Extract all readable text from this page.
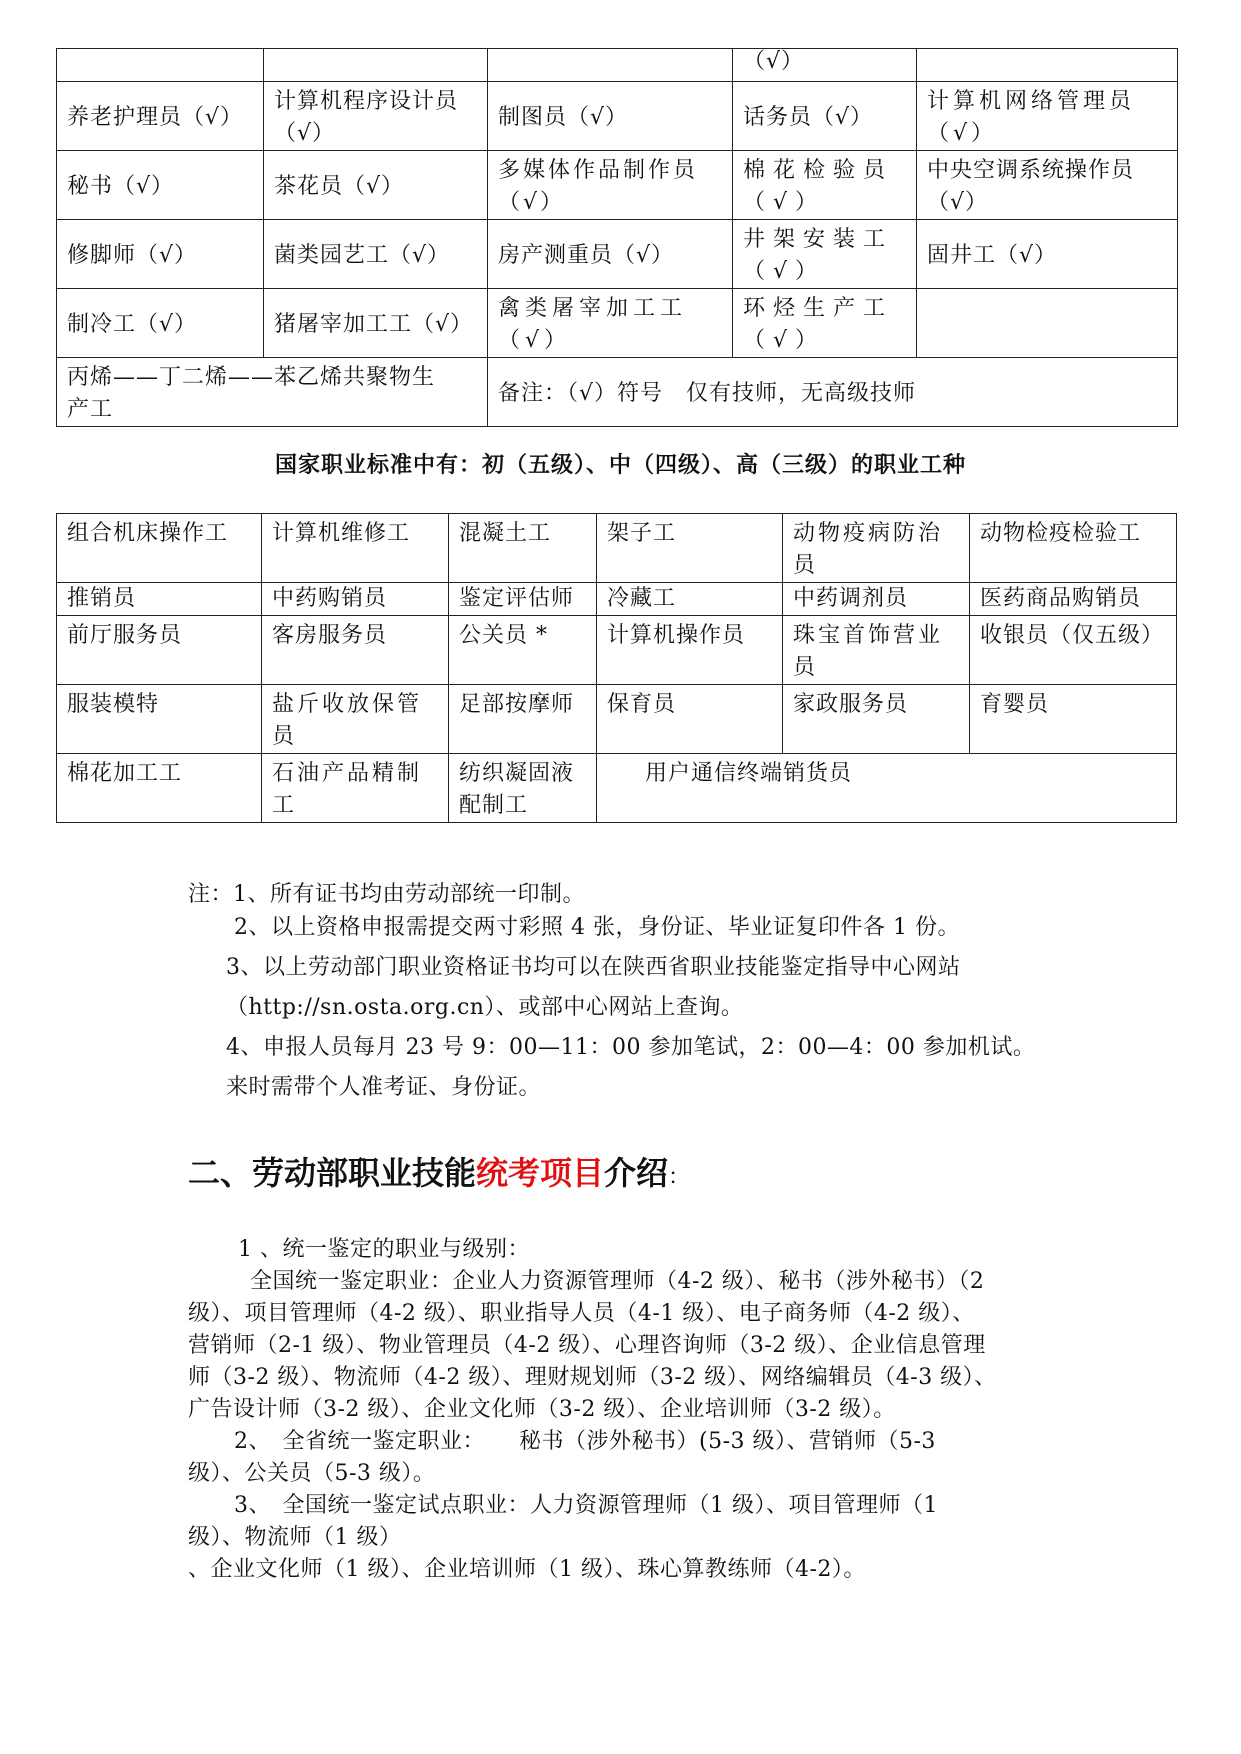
			（√）	
养老护理员（√）	计算机程序设计员（√）	制图员（√）	话务员（√）	计算机网络管理员（√）
秘书（√）	茶花员（√）	多媒体作品制作员（√）	棉花检验员（√）	中央空调系统操作员（√）
修脚师（√）	菌类园艺工（√）	房产测重员（√）	井架安装工（√）	固井工（√）
制冷工（√）	猪屠宰加工工（√）	禽类屠宰加工工（√）	环烃生产工（√）	
丙烯——丁二烯——苯乙烯共聚物生产工		备注：（√）符号　仅有技师，无高级技师		
国家职业标准中有：初（五级）、中（四级）、高（三级）的职业工种
组合机床操作工	计算机维修工	混凝土工	架子工	动物疫病防治员	动物检疫检验工
推销员	中药购销员	鉴定评估师	冷藏工	中药调剂员	医药商品购销员
前厅服务员	客房服务员	公关员 *	计算机操作员	珠宝首饰营业员	收银员（仅五级）
服装模特	盐斤收放保管员	足部按摩师	保育员	家政服务员	育婴员
棉花加工工	石油产品精制工	纺织凝固液配制工	用户通信终端销货员		
注：1、所有证书均由劳动部统一印制。
2、以上资格申报需提交两寸彩照 4 张，身份证、毕业证复印件各 1 份。
3、以上劳动部门职业资格证书均可以在陕西省职业技能鉴定指导中心网站
（http://sn.osta.org.cn）、或部中心网站上查询。
4、申报人员每月 23 号 9：00—11：00 参加笔试，2：00—4：00 参加机试。
来时需带个人准考证、身份证。
二、劳动部职业技能统考项目介绍：
1 、统一鉴定的职业与级别：
全国统一鉴定职业：企业人力资源管理师（4-2 级）、秘书（涉外秘书）（2
级）、项目管理师（4-2 级）、职业指导人员（4-1 级）、电子商务师（4-2 级）、
营销师（2-1 级）、物业管理员（4-2 级）、心理咨询师（3-2 级）、企业信息管理
师（3-2 级）、物流师（4-2 级）、理财规划师（3-2 级）、网络编辑员（4-3 级）、
广告设计师（3-2 级）、企业文化师（3-2 级）、企业培训师（3-2 级）。
2、　全省统一鉴定职业：　　秘书（涉外秘书）(5-3 级）、营销师（5-3
级）、公关员（5-3 级）。
3、　全国统一鉴定试点职业：人力资源管理师（1 级）、项目管理师（1
级）、物流师（1 级）
、企业文化师（1 级）、企业培训师（1 级）、珠心算教练师（4-2）。
